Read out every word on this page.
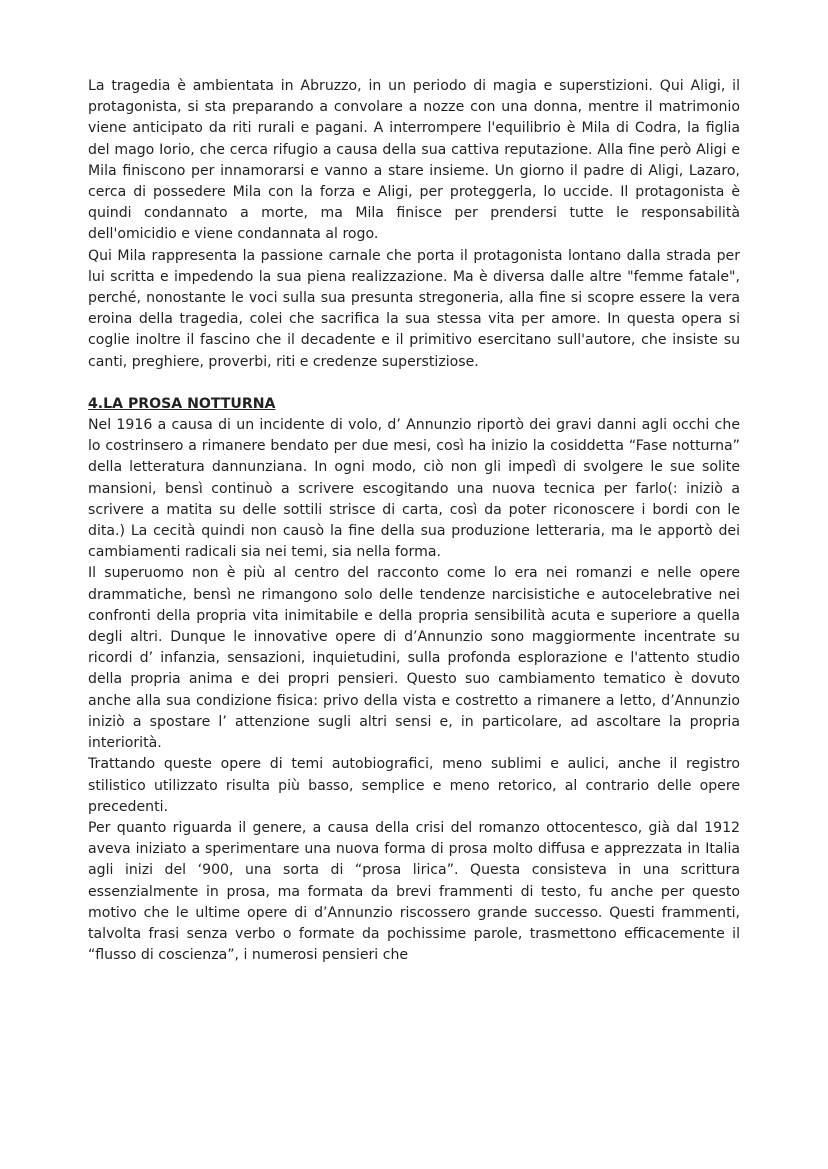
La tragedia è ambientata in Abruzzo, in un periodo di magia e superstizioni. Qui Aligi, il protagonista, si sta preparando a convolare a nozze con una donna, mentre il matrimonio viene anticipato da riti rurali e pagani. A interrompere l'equilibrio è Mila di Codra, la figlia del mago Iorio, che cerca rifugio a causa della sua cattiva reputazione. Alla fine però Aligi e Mila finiscono per innamorarsi e vanno a stare insieme. Un giorno il padre di Aligi, Lazaro, cerca di possedere Mila con la forza e Aligi, per proteggerla, lo uccide. Il protagonista è quindi condannato a morte, ma Mila finisce per prendersi tutte le responsabilità dell'omicidio e viene condannata al rogo.

Qui Mila rappresenta la passione carnale che porta il protagonista lontano dalla strada per lui scritta e impedendo la sua piena realizzazione. Ma è diversa dalle altre "femme fatale", perché, nonostante le voci sulla sua presunta stregoneria, alla fine si scopre essere la vera eroina della tragedia, colei che sacrifica la sua stessa vita per amore. In questa opera si coglie inoltre il fascino che il decadente e il primitivo esercitano sull'autore, che insiste su canti, preghiere, proverbi, riti e credenze superstiziose.

4.LA PROSA NOTTURNA

Nel 1916 a causa di un incidente di volo, d’ Annunzio riportò dei gravi danni agli occhi che lo costrinsero a rimanere bendato per due mesi, così ha inizio la cosiddetta “Fase notturna” della letteratura dannunziana. In ogni modo, ciò non gli impedì di svolgere le sue solite mansioni, bensì continuò a scrivere escogitando una nuova tecnica per farlo(: iniziò a scrivere a matita su delle sottili strisce di carta, così da poter riconoscere i bordi con le dita.) La cecità quindi non causò la fine della sua produzione letteraria, ma le apportò dei cambiamenti radicali sia nei temi, sia nella forma.

Il superuomo non è più al centro del racconto come lo era nei romanzi e nelle opere drammatiche, bensì ne rimangono solo delle tendenze narcisistiche e autocelebrative nei confronti della propria vita inimitabile e della propria sensibilità acuta e superiore a quella degli altri. Dunque le innovative opere di d’Annunzio sono maggiormente incentrate su ricordi d’ infanzia, sensazioni, inquietudini, sulla profonda esplorazione e l'attento studio della propria anima e dei propri pensieri. Questo suo cambiamento tematico è dovuto anche alla sua condizione fisica: privo della vista e costretto a rimanere a letto, d’Annunzio iniziò a spostare l’ attenzione sugli altri sensi e, in particolare, ad ascoltare la propria interiorità.

Trattando queste opere di temi autobiografici, meno sublimi e aulici, anche il registro stilistico utilizzato risulta più basso, semplice e meno retorico, al contrario delle opere precedenti.

Per quanto riguarda il genere, a causa della crisi del romanzo ottocentesco, già dal 1912 aveva iniziato a sperimentare una nuova forma di prosa molto diffusa e apprezzata in Italia agli inizi del ‘900, una sorta di “prosa lirica”. Questa consisteva in una scrittura essenzialmente in prosa, ma formata da brevi frammenti di testo, fu anche per questo motivo che le ultime opere di d’Annunzio riscossero grande successo. Questi frammenti, talvolta frasi senza verbo o formate da pochissime parole, trasmettono efficacemente il “flusso di coscienza”, i numerosi pensieri che
